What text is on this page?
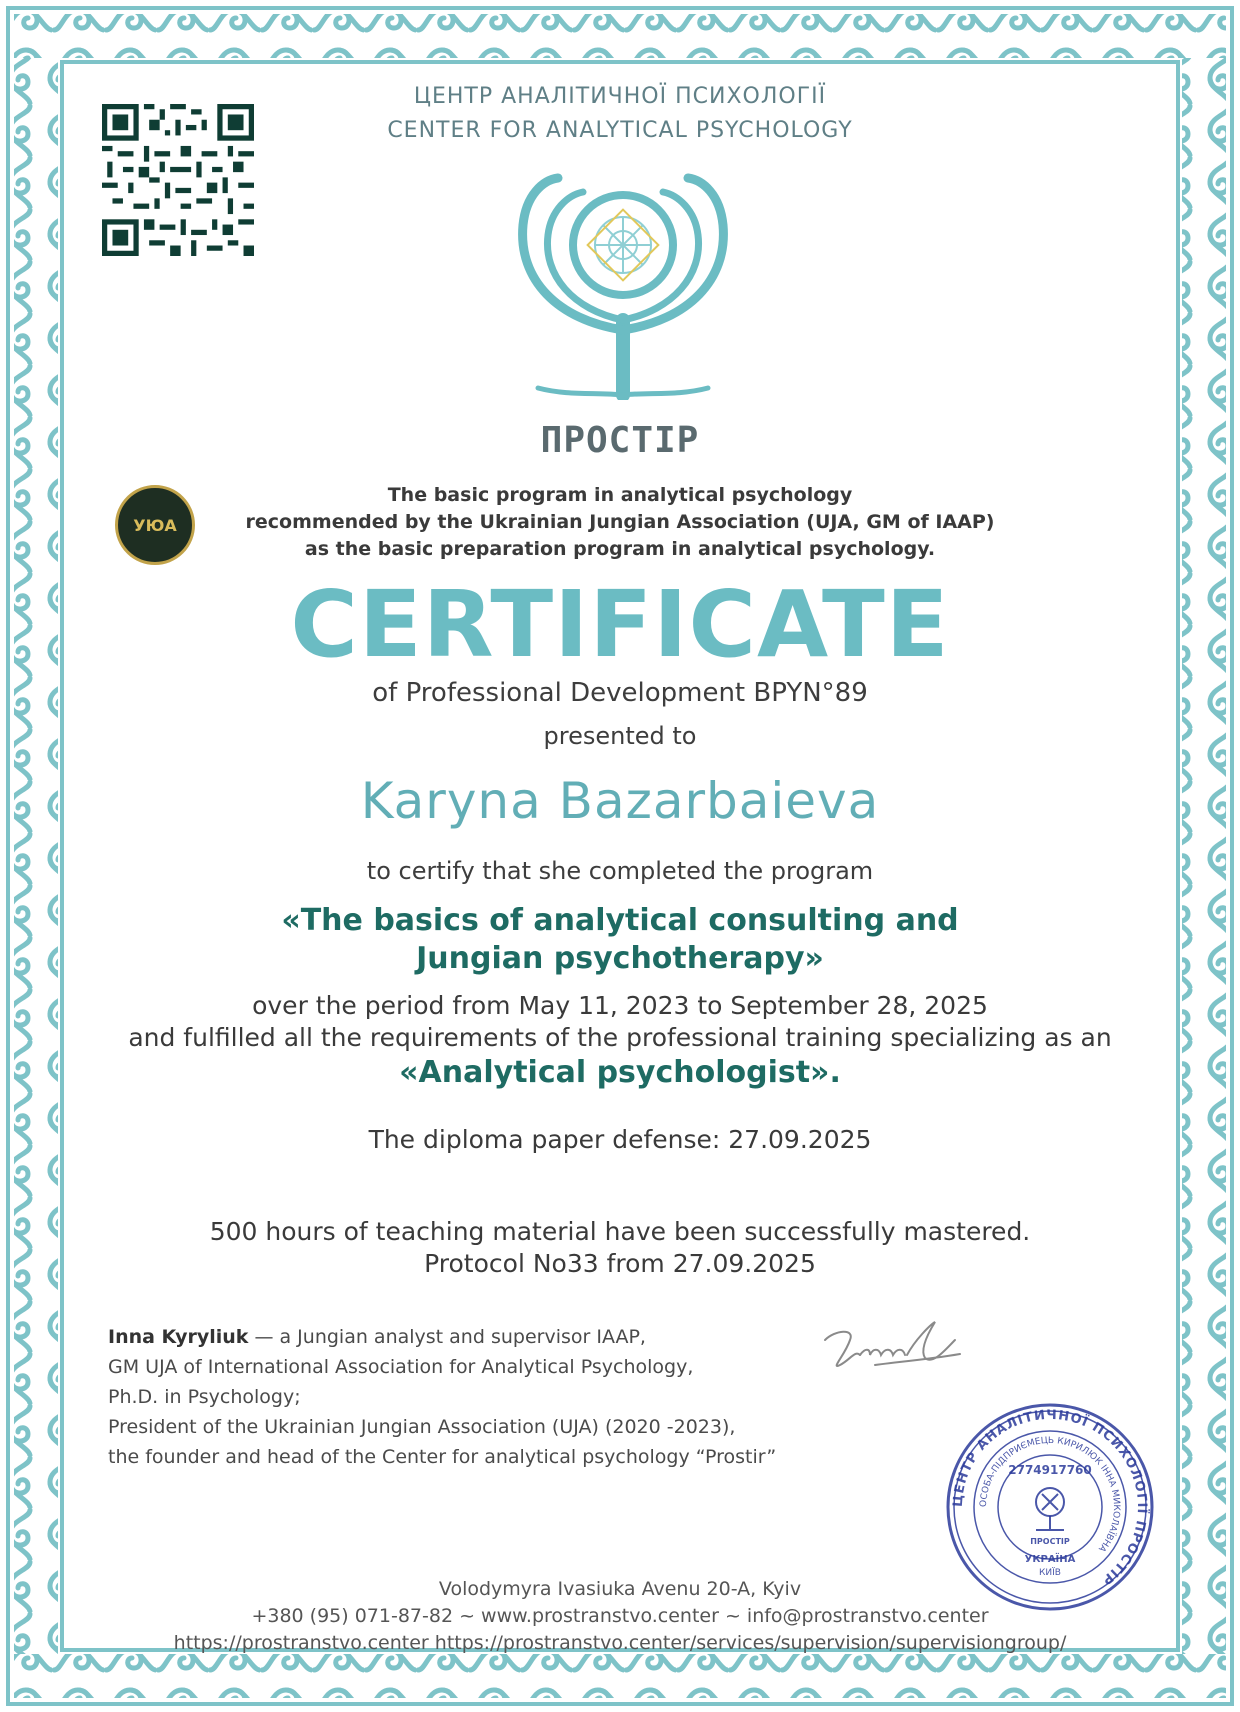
ЦЕНТР АНАЛІТИЧНОЇ ПСИХОЛОГІЇ
CENTER FOR ANALYTICAL PSYCHOLOGY
ПРОСТІР
УЮА
The basic program in analytical psychology
recommended by the Ukrainian Jungian Association (UJA, GM of IAAP)
as the basic preparation program in analytical psychology.
CERTIFICATE
of Professional Development BPYN°89
presented to
Karyna Bazarbaieva
to certify that she completed the program
«The basics of analytical consulting and
Jungian psychotherapy»
over the period from May 11, 2023 to September 28, 2025
and fulfilled all the requirements of the professional training specializing as an
«Analytical psychologist».
The diploma paper defense: 27.09.2025
500 hours of teaching material have been successfully mastered.
Protocol No33 from 27.09.2025
Inna Kyryliuk — a Jungian analyst and supervisor IAAP,
GM UJA of International Association for Analytical Psychology,
Ph.D. in Psychology;
President of the Ukrainian Jungian Association (UJA) (2020 -2023),
the founder and head of the Center for analytical psychology “Prostir”
ЦЕНТР АНАЛІТИЧНОЇ ПСИХОЛОГІЇ ПРОСТІР
ОСОБА-ПІДПРИЄМЕЦЬ КИРИЛЮК ІННА МИКОЛАЇВНА
2774917760
ПРОСТІР
УКРАЇНА
КИЇВ
Volodymyra Ivasiuka Avenu 20-A, Kyiv
+380 (95) 071-87-82 ~ www.prostranstvo.center ~ info@prostranstvo.center
https://prostranstvo.center https://prostranstvo.center/services/supervision/supervisiongroup/
